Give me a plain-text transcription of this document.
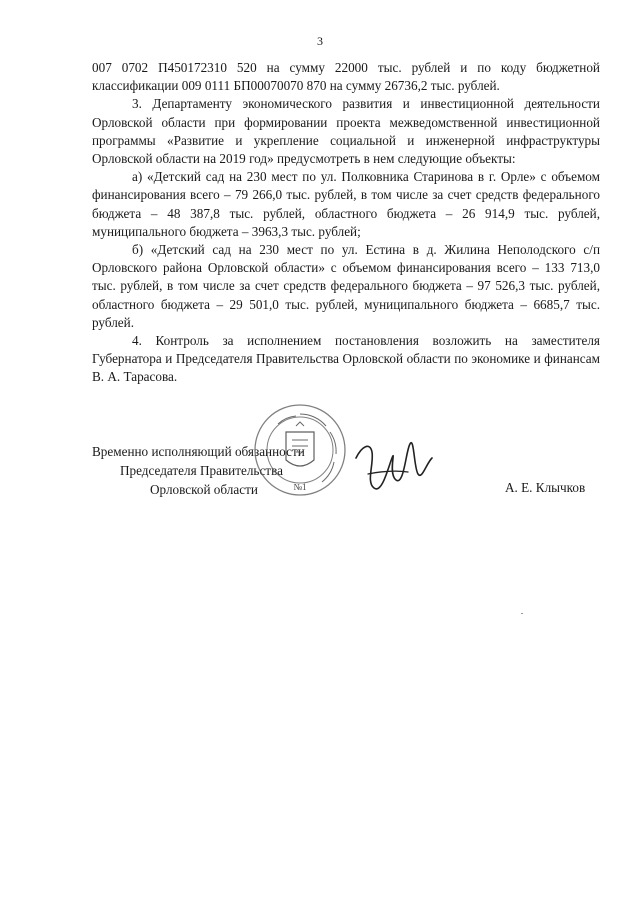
3

007 0702 П450172310 520 на сумму 22000 тыс. рублей и по коду бюджетной классификации 009 0111 БП00070070 870 на сумму 26736,2 тыс. рублей.

3. Департаменту экономического развития и инвестиционной деятельности Орловской области при формировании проекта межведомственной инвестиционной программы «Развитие и укрепление социальной и инженерной инфраструктуры Орловской области на 2019 год» предусмотреть в нем следующие объекты:

а) «Детский сад на 230 мест по ул. Полковника Старинова в г. Орле» с объемом финансирования всего – 79 266,0 тыс. рублей, в том числе за счет средств федерального бюджета – 48 387,8 тыс. рублей, областного бюджета – 26 914,9 тыс. рублей, муниципального бюджета – 3963,3 тыс. рублей;

б) «Детский сад на 230 мест по ул. Естина в д. Жилина Неполодского с/п Орловского района Орловской области» с объемом финансирования всего – 133 713,0 тыс. рублей, в том числе за счет средств федерального бюджета – 97 526,3 тыс. рублей, областного бюджета – 29 501,0 тыс. рублей, муниципального бюджета – 6685,7 тыс. рублей.

4. Контроль за исполнением постановления возложить на заместителя Губернатора и Председателя Правительства Орловской области по экономике и финансам В. А. Тарасова.

Временно исполняющий обязанности
Председателя Правительства
Орловской области	№1	А. Е. Клычков
